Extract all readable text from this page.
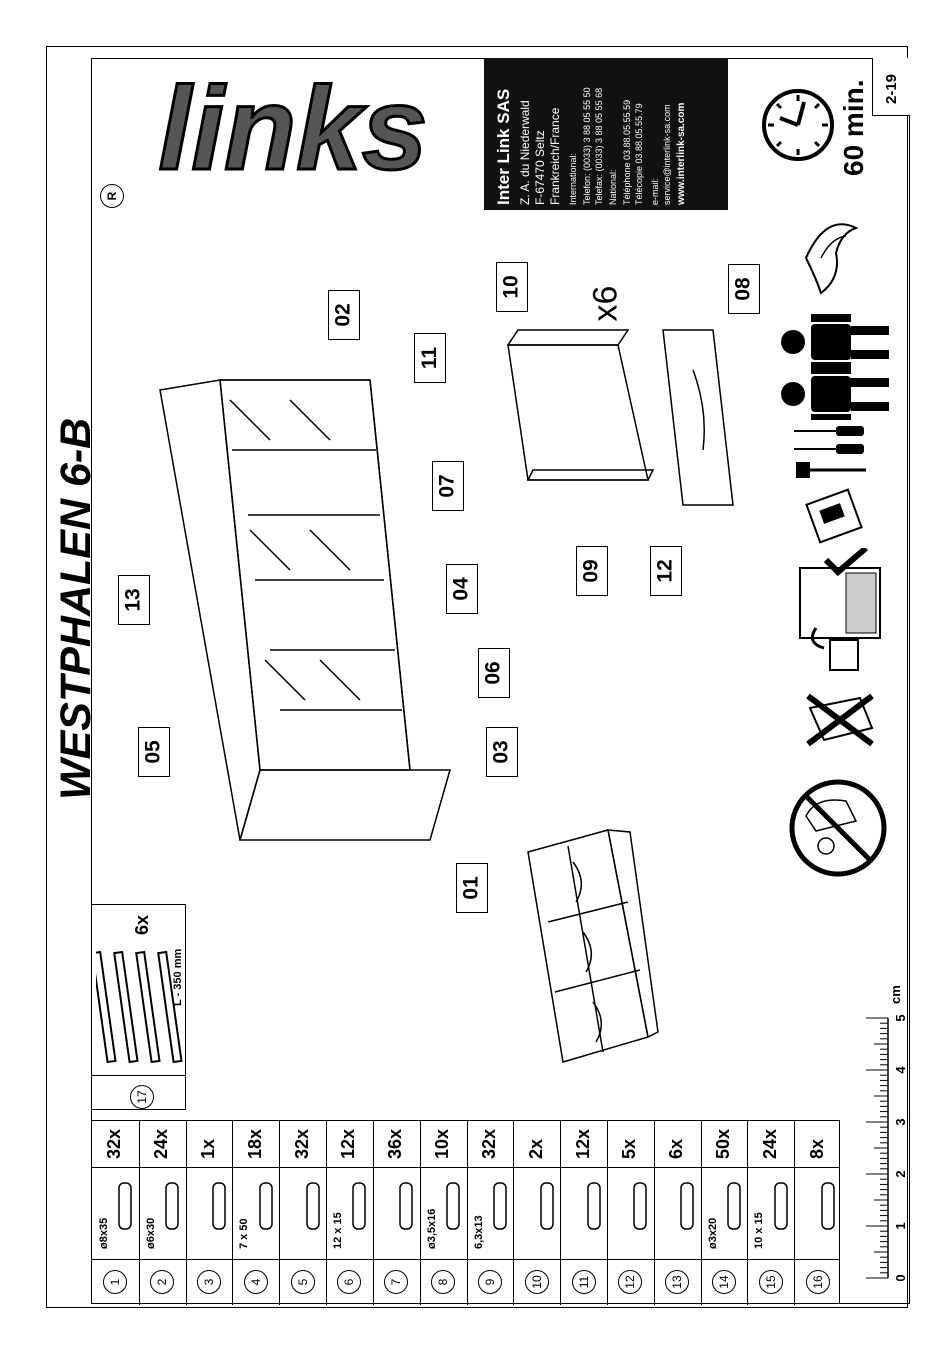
WESTPHALEN 6-B
links	Inter Link SAS Z. A. du Niederwald F-67470 Seltz Frankreich/France International: Telefon: (0033) 3 88 05 55 50 Telefax: (0033) 3 88 05 55 68 National: Téléphone 03.88.05.55.59 Télécopie 03.88.05.55.79 e-mail: service@interlink-sa.com www.interlink-sa.com
R
2-19
60 min.
x6
01
02
03
04
05
06
07
08
09
10
11
12
13
6x
L - 350 mm
17
32x
ø8x35
1
24x
ø6x30
2
1x
3
18x
7 x 50
4
32x
5
12x
12 x 15
6
36x
7
10x
ø3,5x16
8
32x
6,3x13
9
2x
10
12x
11
5x
12
6x
13
50x
ø3x20
14
24x
10 x 15
15
8x
16	0
1
2
3
4
5
cm
